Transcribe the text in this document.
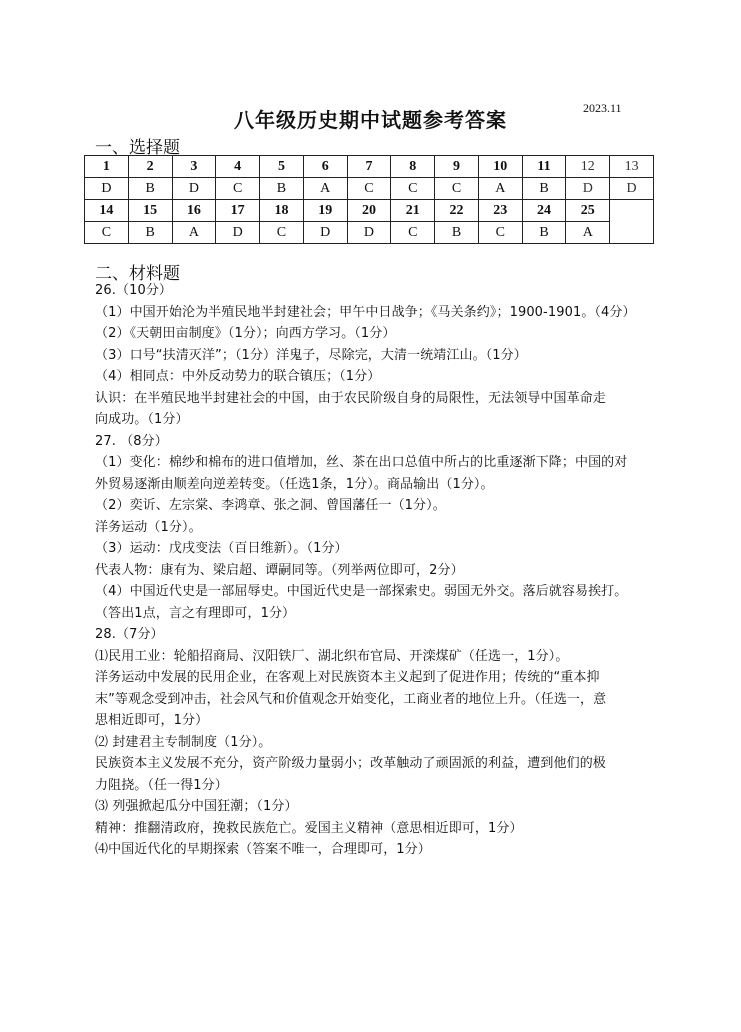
2023.11
八年级历史期中试题参考答案
一、选择题
1	2	3	4	5	6	7	8	9	10	11	12	13
D	B	D	C	B	A	C	C	C	A	B	D	D
14	15	16	17	18	19	20	21	22	23	24	25	
C	B	A	D	C	D	D	C	B	C	B	A	
二、材料题
26.（10分）
（1）中国开始沦为半殖民地半封建社会；甲午中日战争；《马关条约》；1900-1901。（4分）
（2）《天朝田亩制度》（1分）；向西方学习。（1分）
（3）口号“扶清灭洋”；（1分）洋鬼子，尽除完，大清一统靖江山。（1分）
（4）相同点：中外反动势力的联合镇压；（1分）
认识：在半殖民地半封建社会的中国，由于农民阶级自身的局限性，无法领导中国革命走
向成功。（1分）
27. （8分）
（1）变化：棉纱和棉布的进口值增加，丝、茶在出口总值中所占的比重逐渐下降；中国的对
外贸易逐渐由顺差向逆差转变。（任选1条，1分）。商品输出（1分）。
（2）奕䜣、左宗棠、李鸿章、张之洞、曾国藩任一（1分）。
洋务运动（1分）。
（3）运动：戊戌变法（百日维新）。（1分）
代表人物：康有为、梁启超、谭嗣同等。（列举两位即可，2分）
（4）中国近代史是一部屈辱史。中国近代史是一部探索史。弱国无外交。落后就容易挨打。
（答出1点，言之有理即可，1分）
28.（7分）
⑴民用工业：轮船招商局、汉阳铁厂、湖北织布官局、开滦煤矿（任选一，1分）。
洋务运动中发展的民用企业，在客观上对民族资本主义起到了促进作用；传统的“重本抑
末”等观念受到冲击，社会风气和价值观念开始变化，工商业者的地位上升。（任选一，意
思相近即可，1分）
⑵ 封建君主专制制度（1分）。
民族资本主义发展不充分，资产阶级力量弱小；改革触动了顽固派的利益，遭到他们的极
力阻挠。（任一得1分）
⑶ 列强掀起瓜分中国狂潮；（1分）
精神：推翻清政府，挽救民族危亡。爱国主义精神（意思相近即可，1分）
⑷中国近代化的早期探索（答案不唯一，合理即可，1分）
